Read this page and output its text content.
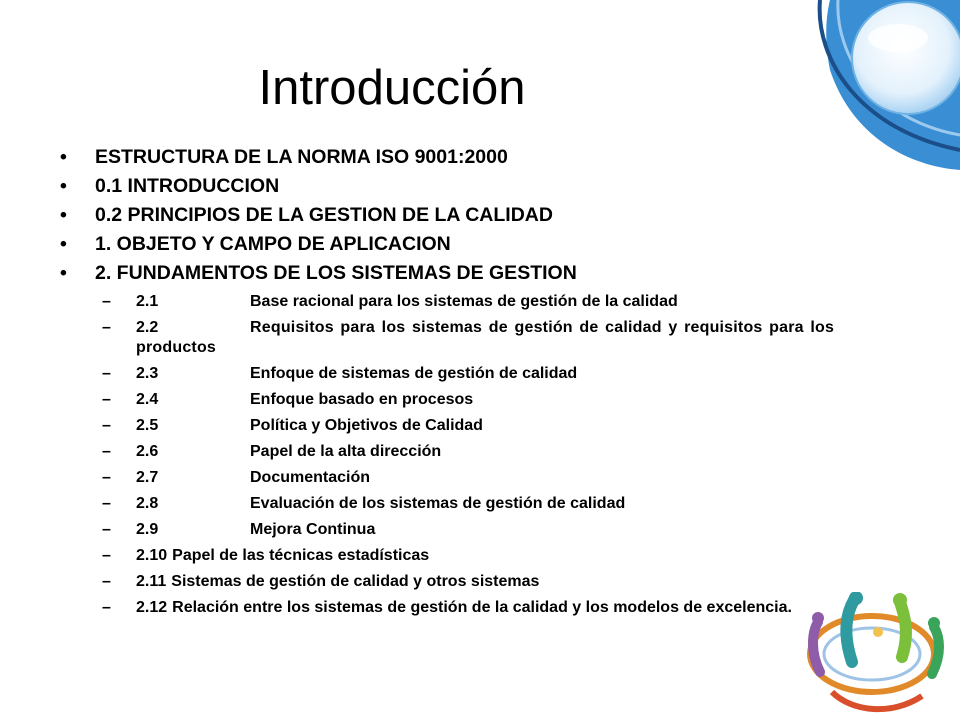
Introducción
• ESTRUCTURA DE LA NORMA ISO 9001:2000
• 0.1 INTRODUCCION
• 0.2 PRINCIPIOS DE LA GESTION DE LA CALIDAD
• 1. OBJETO Y CAMPO DE APLICACION
• 2. FUNDAMENTOS DE LOS SISTEMAS DE GESTION
– 2.1	Base racional para los sistemas de gestión de la calidad
– 2.2	Requisitos para los sistemas de gestión de calidad y requisitos para los productos
– 2.3	Enfoque de sistemas de gestión de calidad
– 2.4	Enfoque basado en procesos
– 2.5	Política y Objetivos de Calidad
– 2.6	Papel de la alta dirección
– 2.7	Documentación
– 2.8	Evaluación de los sistemas de gestión de calidad
– 2.9	Mejora Continua
– 2.10 Papel de las técnicas estadísticas
– 2.11 Sistemas de gestión de calidad y otros sistemas
– 2.12 Relación entre los sistemas de gestión de la calidad y los modelos de excelencia.
